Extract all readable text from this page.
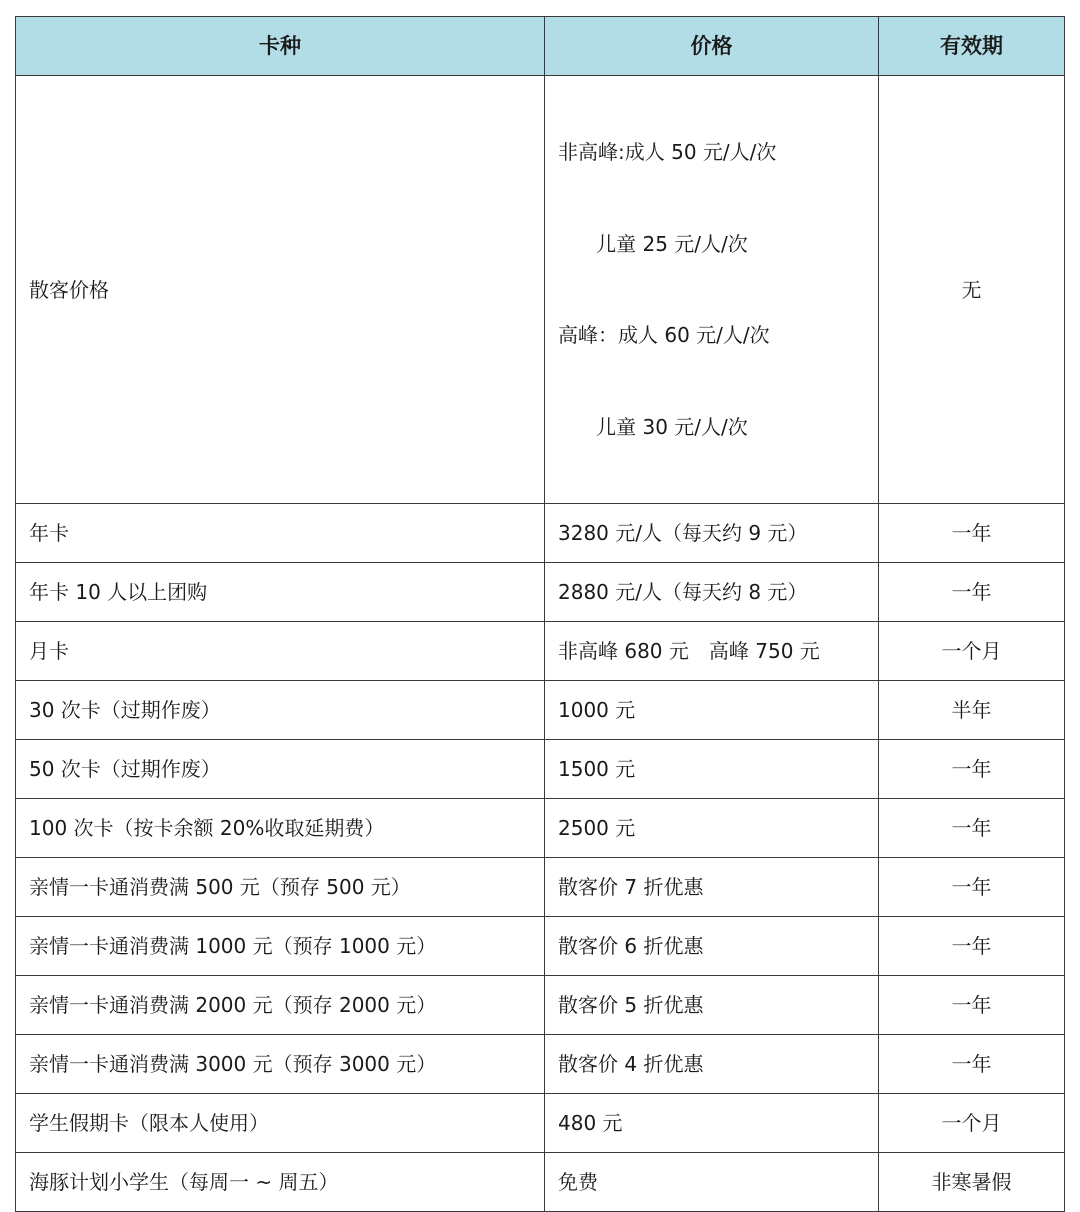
卡种	价格	有效期
散客价格	非高峰:成人 50 元/人/次

儿童 25 元/人/次

高峰：成人 60 元/人/次

儿童 30 元/人/次	无
年卡	3280 元/人（每天约 9 元）	一年
年卡 10 人以上团购	2880 元/人（每天约 8 元）	一年
月卡	非高峰 680 元　高峰 750 元	一个月
30 次卡（过期作废）	1000 元	半年
50 次卡（过期作废）	1500 元	一年
100 次卡（按卡余额 20%收取延期费）	2500 元	一年
亲情一卡通消费满 500 元（预存 500 元）	散客价 7 折优惠	一年
亲情一卡通消费满 1000 元（预存 1000 元）	散客价 6 折优惠	一年
亲情一卡通消费满 2000 元（预存 2000 元）	散客价 5 折优惠	一年
亲情一卡通消费满 3000 元（预存 3000 元）	散客价 4 折优惠	一年
学生假期卡（限本人使用）	480 元	一个月
海豚计划小学生（每周一 ~ 周五）	免费	非寒暑假
